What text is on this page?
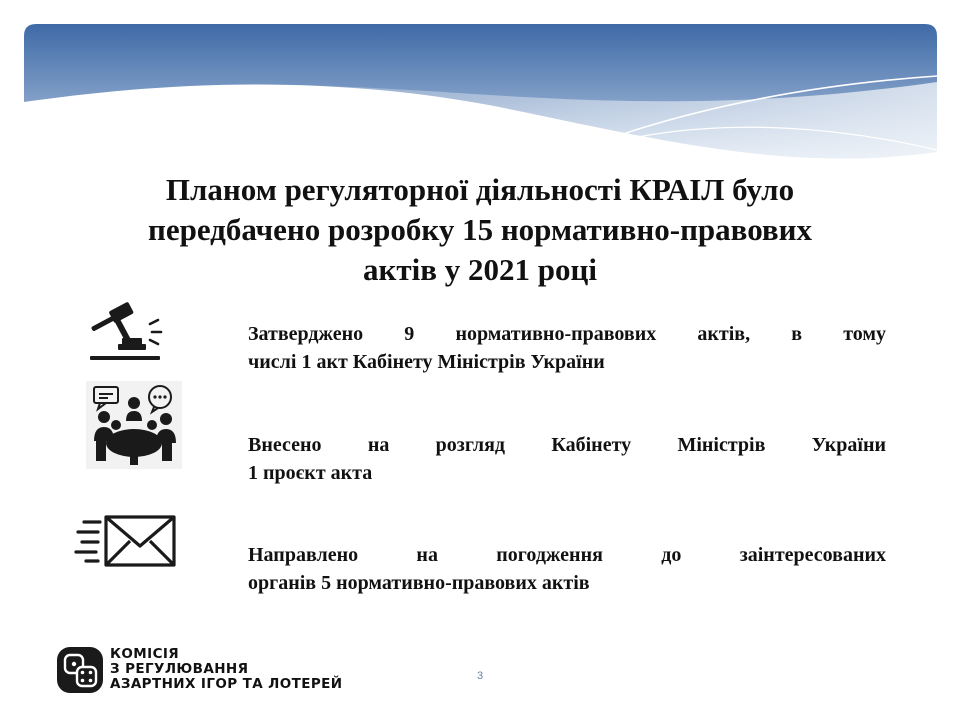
Планом регуляторної діяльності КРАІЛ було
передбачено розробку 15 нормативно-правових
актів у 2021 році
Затверджено 9 нормативно-правових актів, в тому
числі 1 акт Кабінету Міністрів України
Внесено на розгляд Кабінету Міністрів України
1 проєкт акта
Направлено на погодження до заінтересованих
органів 5 нормативно-правових актів
КОМІСІЯ
З РЕГУЛЮВАННЯ
АЗАРТНИХ ІГОР ТА ЛОТЕРЕЙ	3
